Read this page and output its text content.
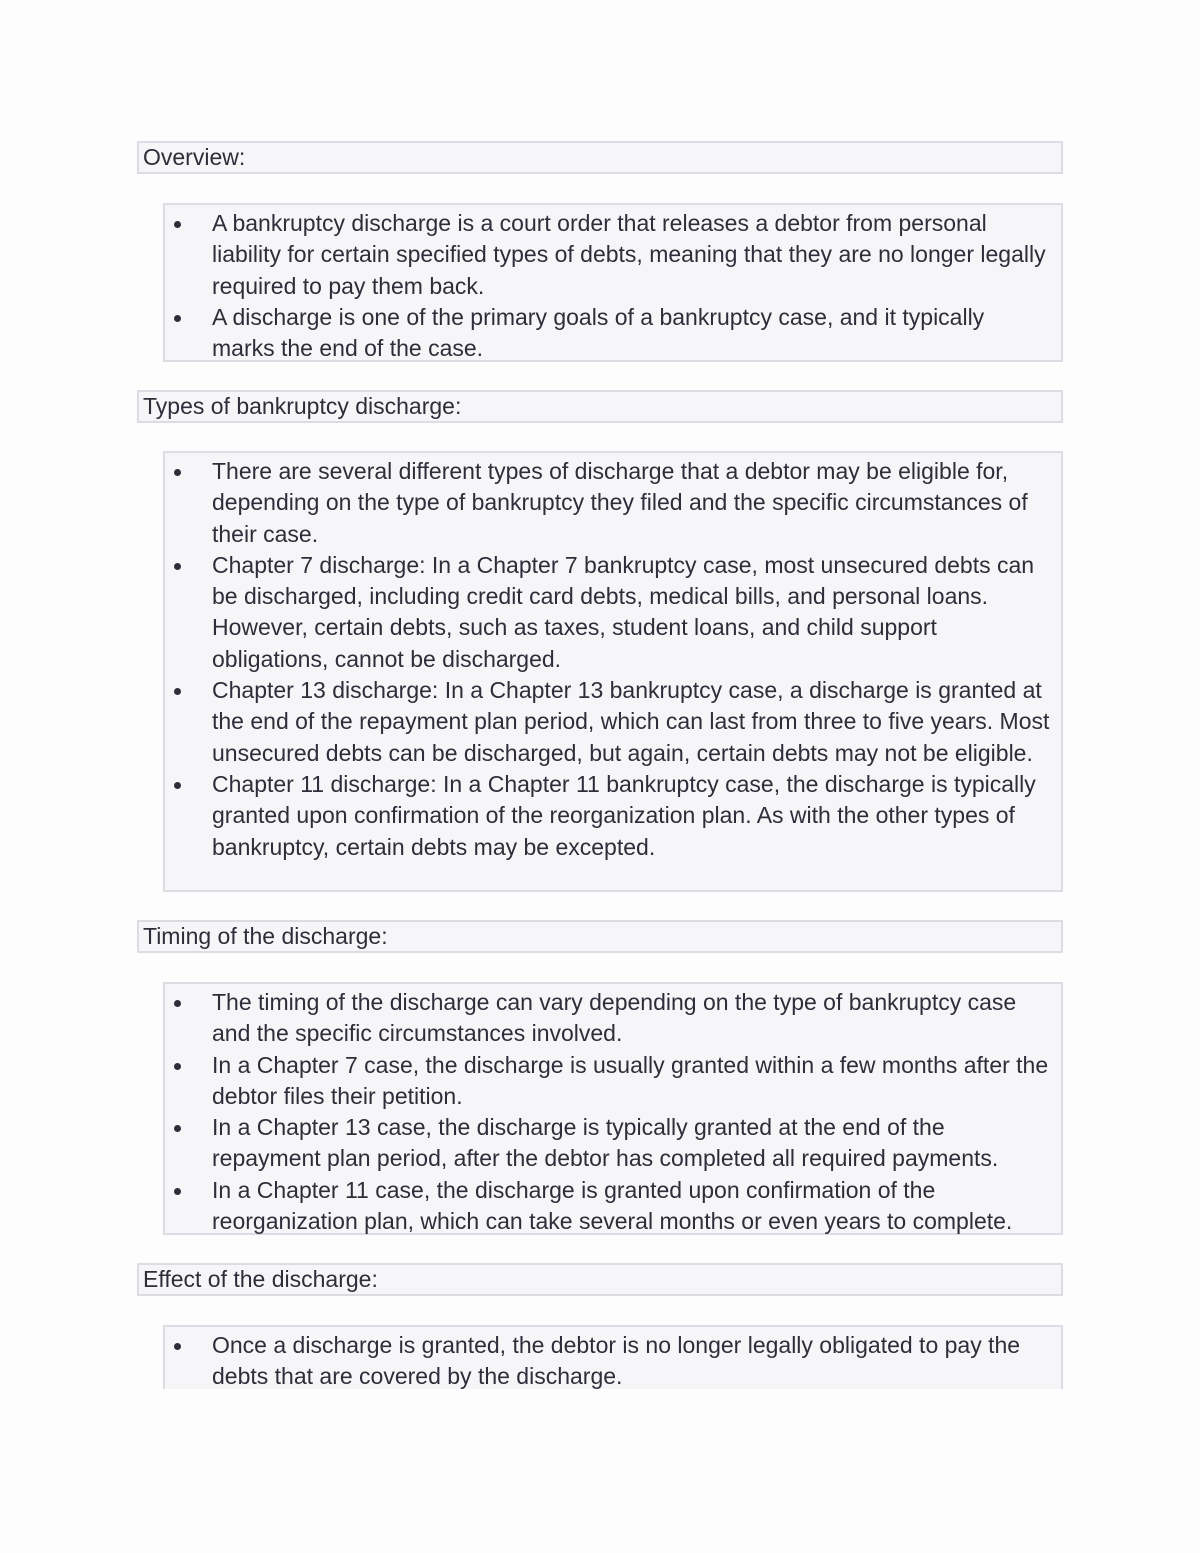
Overview:
A bankruptcy discharge is a court order that releases a debtor from personal liability for certain specified types of debts, meaning that they are no longer legally required to pay them back.
A discharge is one of the primary goals of a bankruptcy case, and it typically marks the end of the case.
Types of bankruptcy discharge:
There are several different types of discharge that a debtor may be eligible for, depending on the type of bankruptcy they filed and the specific circumstances of their case.
Chapter 7 discharge: In a Chapter 7 bankruptcy case, most unsecured debts can be discharged, including credit card debts, medical bills, and personal loans. However, certain debts, such as taxes, student loans, and child support obligations, cannot be discharged.
Chapter 13 discharge: In a Chapter 13 bankruptcy case, a discharge is granted at the end of the repayment plan period, which can last from three to five years. Most unsecured debts can be discharged, but again, certain debts may not be eligible.
Chapter 11 discharge: In a Chapter 11 bankruptcy case, the discharge is typically granted upon confirmation of the reorganization plan. As with the other types of bankruptcy, certain debts may be excepted.
Timing of the discharge:
The timing of the discharge can vary depending on the type of bankruptcy case and the specific circumstances involved.
In a Chapter 7 case, the discharge is usually granted within a few months after the debtor files their petition.
In a Chapter 13 case, the discharge is typically granted at the end of the repayment plan period, after the debtor has completed all required payments.
In a Chapter 11 case, the discharge is granted upon confirmation of the reorganization plan, which can take several months or even years to complete.
Effect of the discharge:
Once a discharge is granted, the debtor is no longer legally obligated to pay the debts that are covered by the discharge.
